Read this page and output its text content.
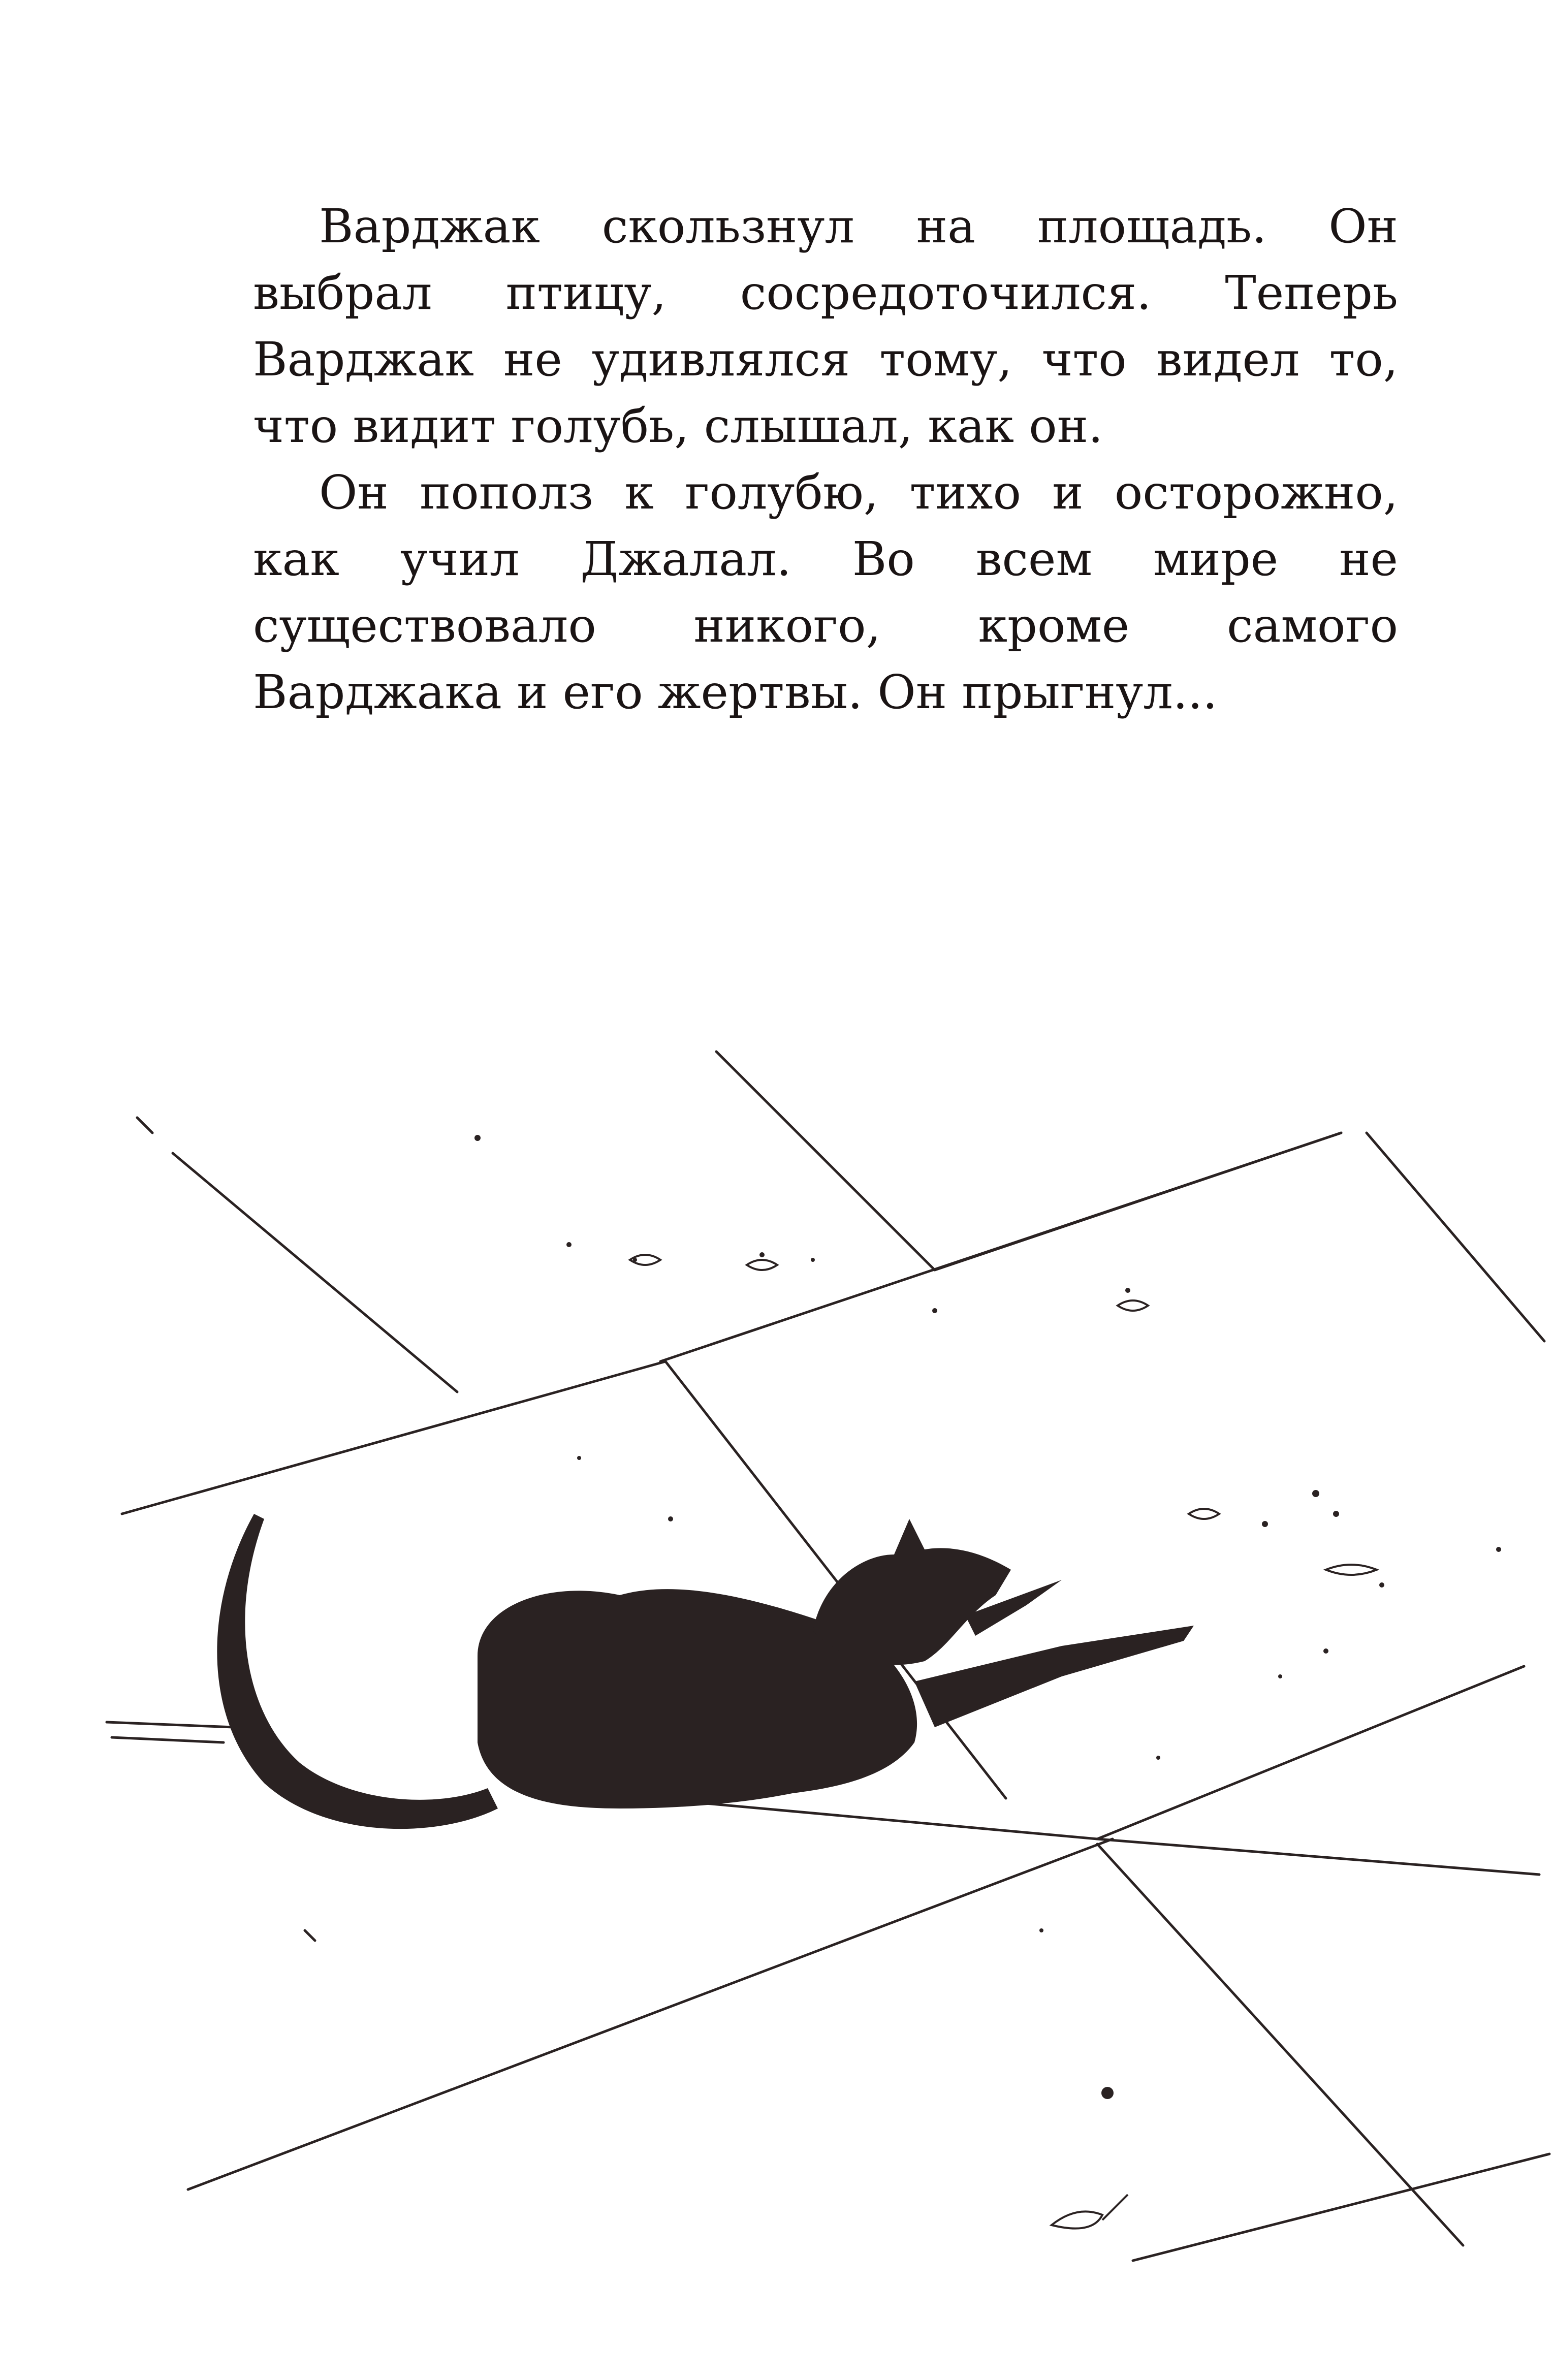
Варджак скользнул на площадь. Он выбрал птицу, сосредоточился. Теперь Варджак не удивлялся тому, что видел то, что видит голубь, слышал, как он.

Он пополз к голубю, тихо и осторожно, как учил Джалал. Во всем мире не существовало никого, кроме самого Варджака и его жертвы. Он прыгнул...
